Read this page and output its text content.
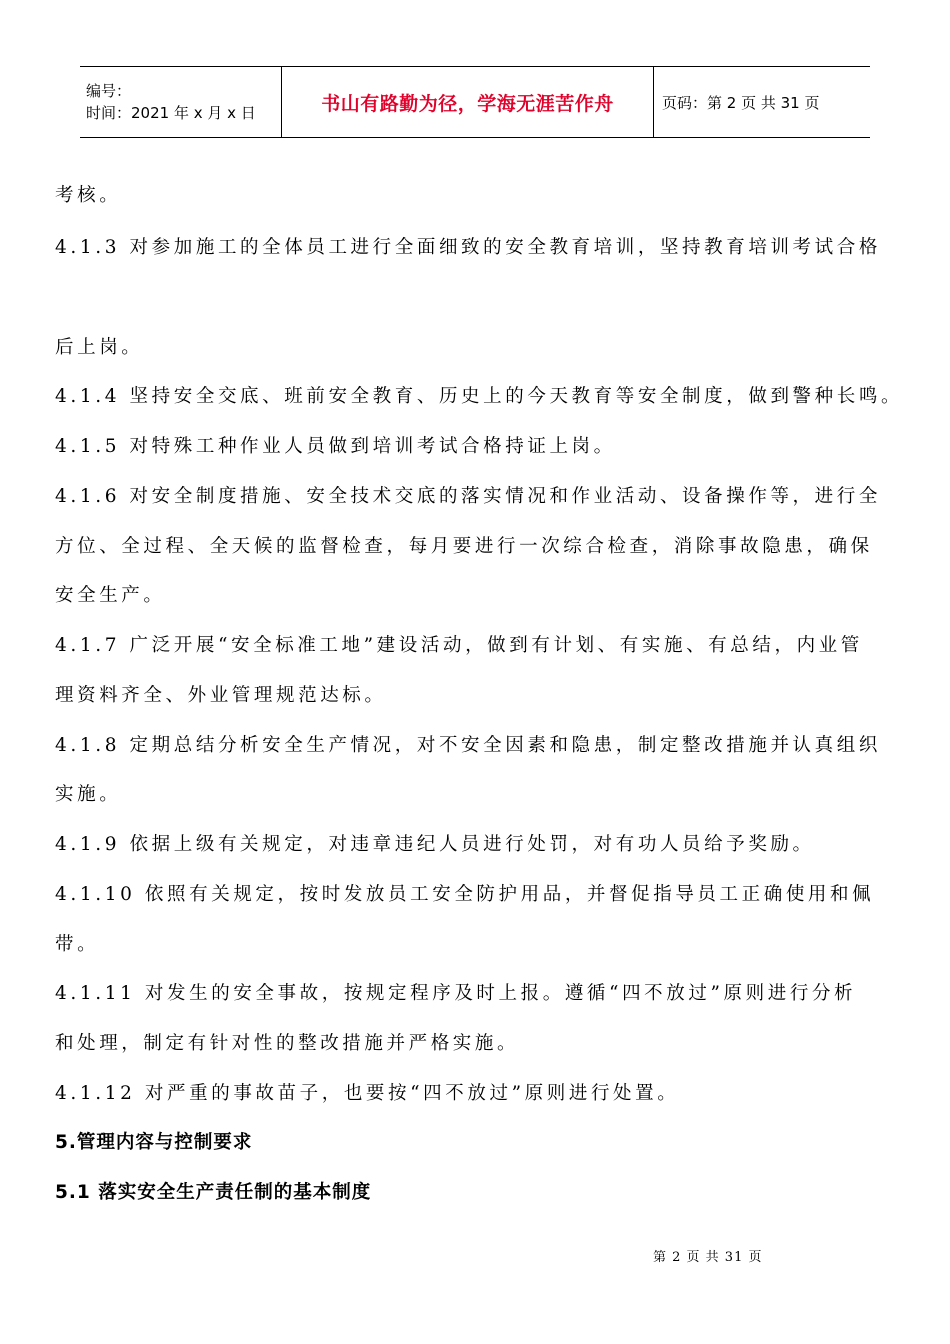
编号：
时间：2021 年 x 月 x 日	书山有路勤为径，学海无涯苦作舟	页码：第 2 页 共 31 页
考核。
4.1.3 对参加施工的全体员工进行全面细致的安全教育培训，坚持教育培训考试合格
后上岗。
4.1.4 坚持安全交底、班前安全教育、历史上的今天教育等安全制度，做到警种长鸣。
4.1.5 对特殊工种作业人员做到培训考试合格持证上岗。
4.1.6 对安全制度措施、安全技术交底的落实情况和作业活动、设备操作等，进行全
方位、全过程、全天候的监督检查，每月要进行一次综合检查，消除事故隐患，确保
安全生产。
4.1.7 广泛开展“安全标准工地”建设活动，做到有计划、有实施、有总结，内业管
理资料齐全、外业管理规范达标。
4.1.8 定期总结分析安全生产情况，对不安全因素和隐患，制定整改措施并认真组织
实施。
4.1.9 依据上级有关规定，对违章违纪人员进行处罚，对有功人员给予奖励。
4.1.10 依照有关规定，按时发放员工安全防护用品，并督促指导员工正确使用和佩
带。
4.1.11 对发生的安全事故，按规定程序及时上报。遵循“四不放过”原则进行分析
和处理，制定有针对性的整改措施并严格实施。
4.1.12 对严重的事故苗子，也要按“四不放过”原则进行处置。
5.管理内容与控制要求
5.1 落实安全生产责任制的基本制度
第 2 页 共 31 页
